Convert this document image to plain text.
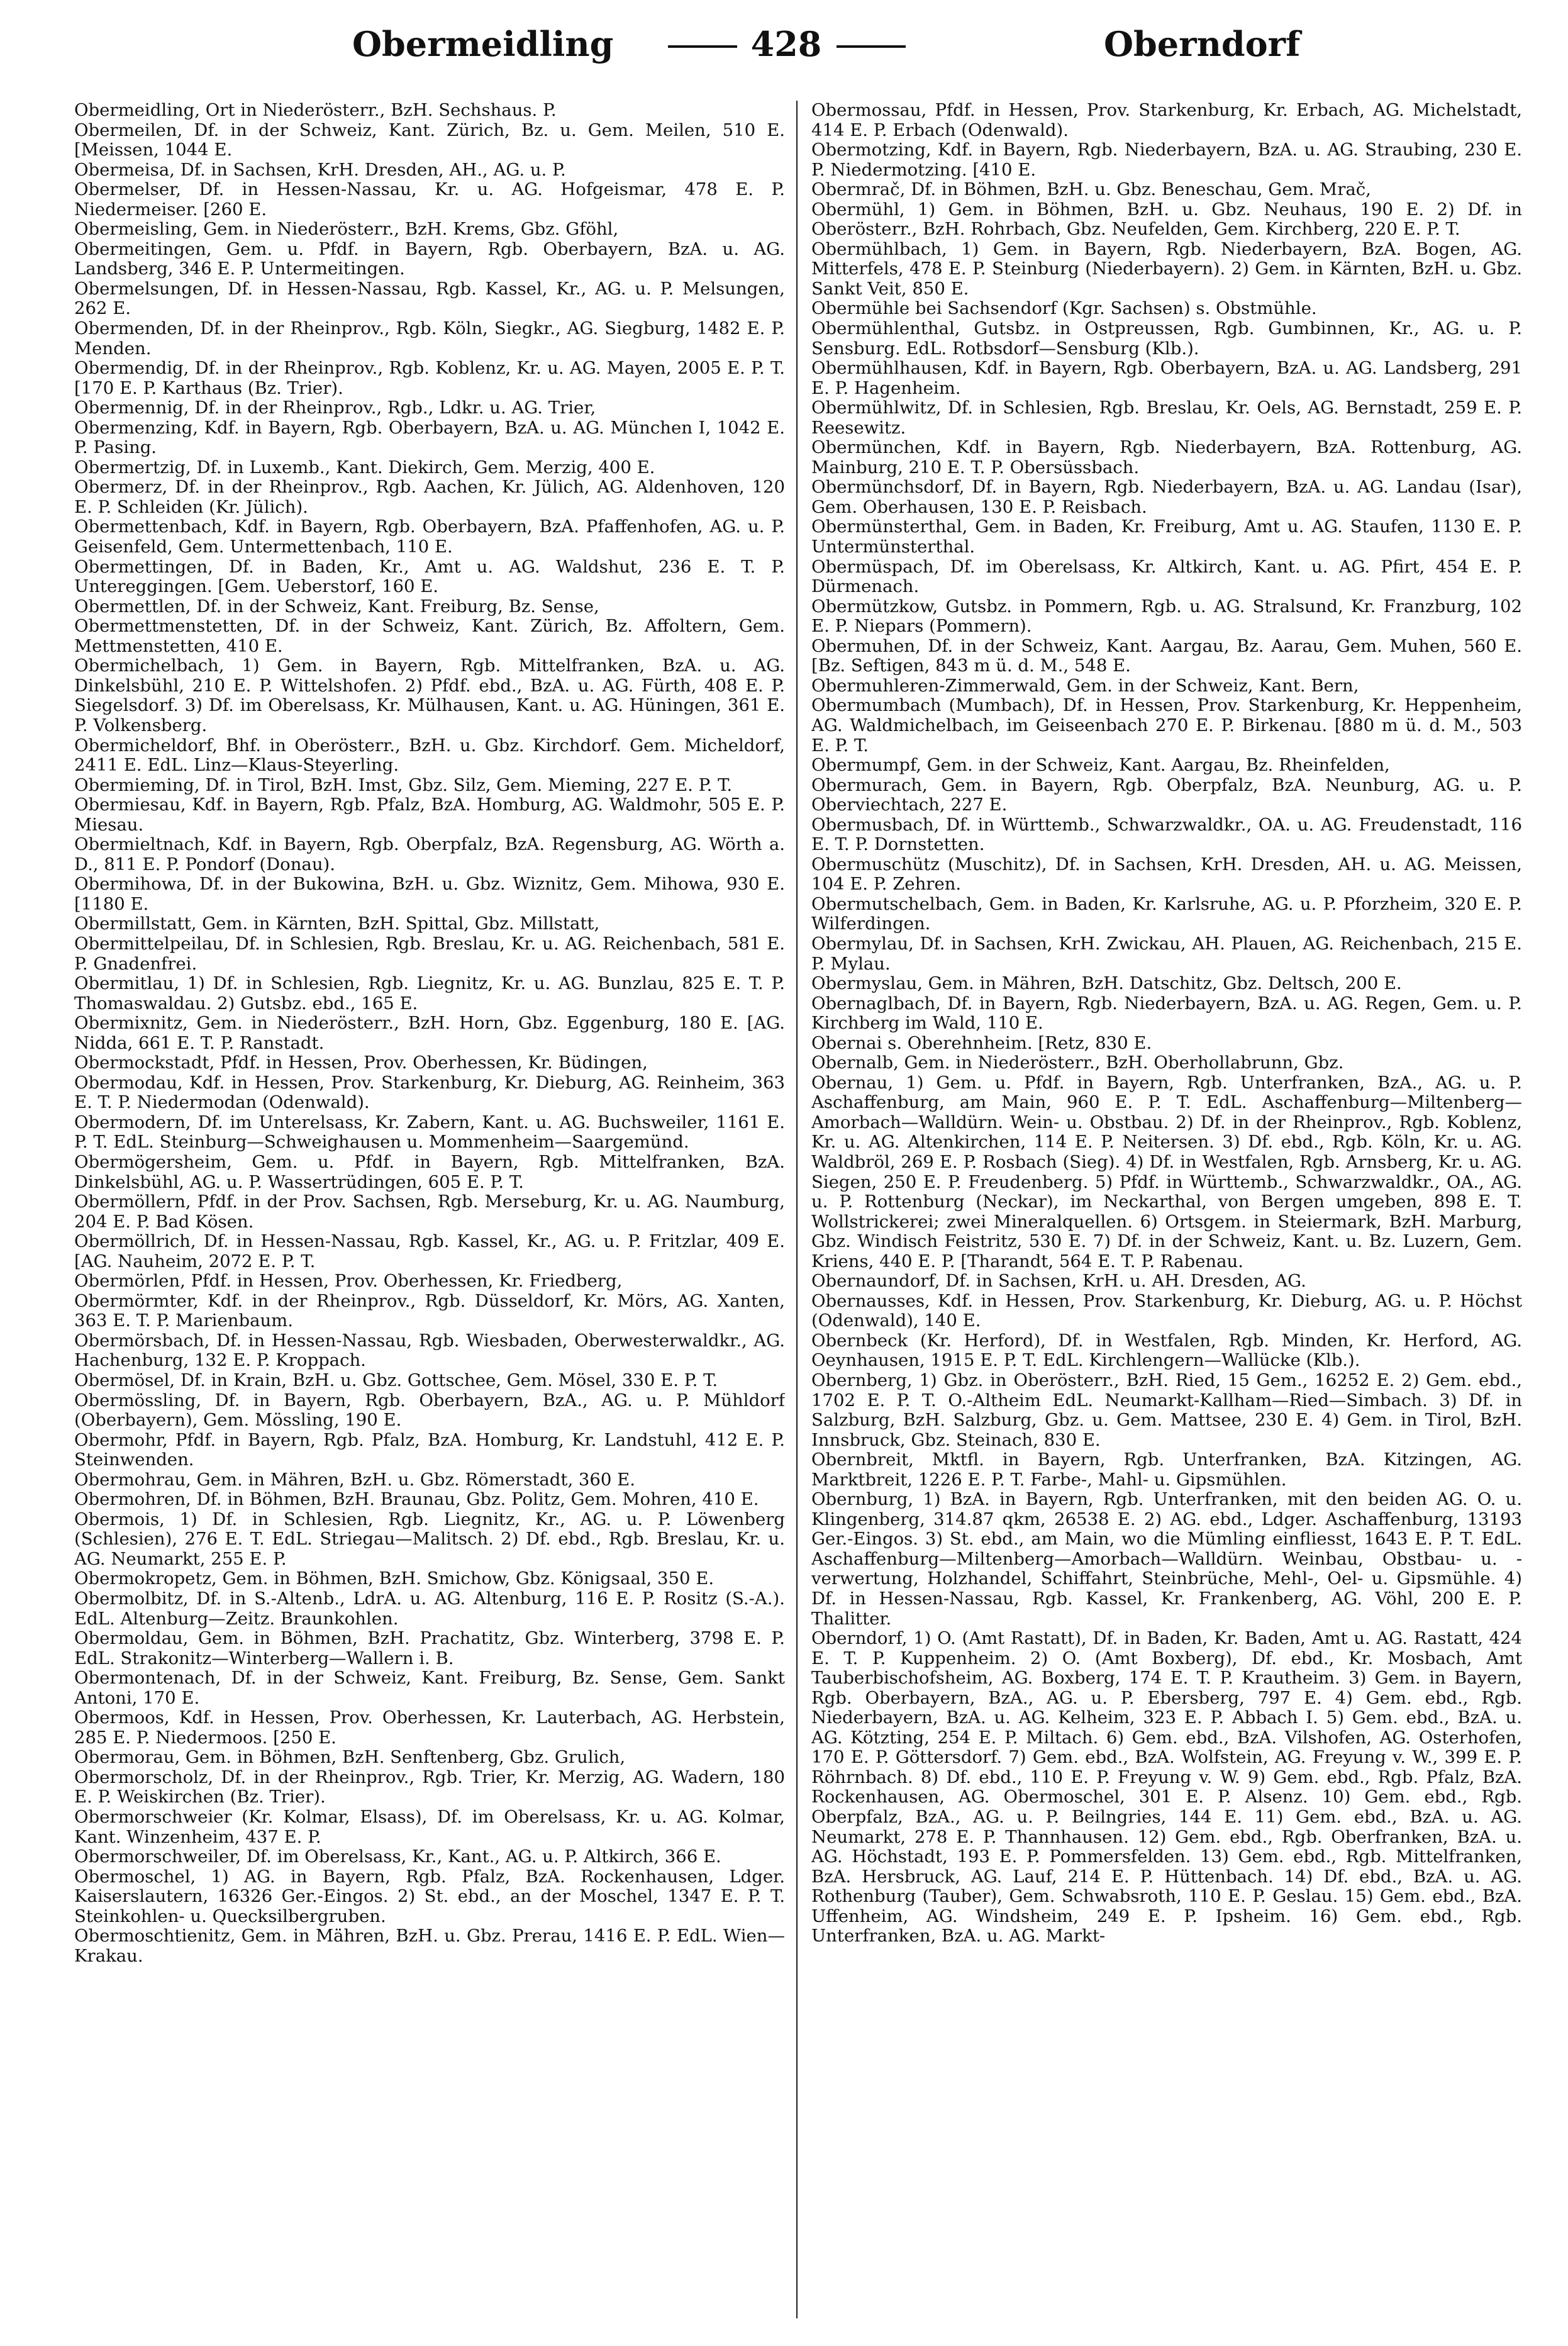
Obermeidling	428	Oberndorf

Obermeidling, Ort in Niederösterr., BzH. Sechshaus. P.

Obermeilen, Df. in der Schweiz, Kant. Zürich, Bz. u. Gem. Meilen, 510 E. [Meissen, 1044 E.

Obermeisa, Df. in Sachsen, KrH. Dresden, AH., AG. u. P.

Obermelser, Df. in Hessen-Nassau, Kr. u. AG. Hofgeismar, 478 E. P. Niedermeiser. [260 E.

Obermeisling, Gem. in Niederösterr., BzH. Krems, Gbz. Gföhl,

Obermeitingen, Gem. u. Pfdf. in Bayern, Rgb. Oberbayern, BzA. u. AG. Landsberg, 346 E. P. Untermeitingen.

Obermelsungen, Df. in Hessen-Nassau, Rgb. Kassel, Kr., AG. u. P. Melsungen, 262 E.

Obermenden, Df. in der Rheinprov., Rgb. Köln, Siegkr., AG. Siegburg, 1482 E. P. Menden.

Obermendig, Df. in der Rheinprov., Rgb. Koblenz, Kr. u. AG. Mayen, 2005 E. P. T. [170 E. P. Karthaus (Bz. Trier).

Obermennig, Df. in der Rheinprov., Rgb., Ldkr. u. AG. Trier,

Obermenzing, Kdf. in Bayern, Rgb. Oberbayern, BzA. u. AG. München I, 1042 E. P. Pasing.

Obermertzig, Df. in Luxemb., Kant. Diekirch, Gem. Merzig, 400 E.

Obermerz, Df. in der Rheinprov., Rgb. Aachen, Kr. Jülich, AG. Aldenhoven, 120 E. P. Schleiden (Kr. Jülich).

Obermettenbach, Kdf. in Bayern, Rgb. Oberbayern, BzA. Pfaffenhofen, AG. u. P. Geisenfeld, Gem. Untermettenbach, 110 E.

Obermettingen, Df. in Baden, Kr., Amt u. AG. Waldshut, 236 E. T. P. Untereggingen. [Gem. Ueberstorf, 160 E.

Obermettlen, Df. in der Schweiz, Kant. Freiburg, Bz. Sense,

Obermettmenstetten, Df. in der Schweiz, Kant. Zürich, Bz. Affoltern, Gem. Mettmenstetten, 410 E.

Obermichelbach, 1) Gem. in Bayern, Rgb. Mittelfranken, BzA. u. AG. Dinkelsbühl, 210 E. P. Wittelshofen. 2) Pfdf. ebd., BzA. u. AG. Fürth, 408 E. P. Siegelsdorf. 3) Df. im Oberelsass, Kr. Mülhausen, Kant. u. AG. Hüningen, 361 E. P. Volkensberg.

Obermicheldorf, Bhf. in Oberösterr., BzH. u. Gbz. Kirchdorf. Gem. Micheldorf, 2411 E. EdL. Linz—Klaus-Steyerling.

Obermieming, Df. in Tirol, BzH. Imst, Gbz. Silz, Gem. Mieming, 227 E. P. T.

Obermiesau, Kdf. in Bayern, Rgb. Pfalz, BzA. Homburg, AG. Waldmohr, 505 E. P. Miesau.

Obermieltnach, Kdf. in Bayern, Rgb. Oberpfalz, BzA. Regensburg, AG. Wörth a. D., 811 E. P. Pondorf (Donau).

Obermihowa, Df. in der Bukowina, BzH. u. Gbz. Wiznitz, Gem. Mihowa, 930 E. [1180 E.

Obermillstatt, Gem. in Kärnten, BzH. Spittal, Gbz. Millstatt,

Obermittelpeilau, Df. in Schlesien, Rgb. Breslau, Kr. u. AG. Reichenbach, 581 E. P. Gnadenfrei.

Obermitlau, 1) Df. in Schlesien, Rgb. Liegnitz, Kr. u. AG. Bunzlau, 825 E. T. P. Thomaswaldau. 2) Gutsbz. ebd., 165 E.

Obermixnitz, Gem. in Niederösterr., BzH. Horn, Gbz. Eggenburg, 180 E. [AG. Nidda, 661 E. T. P. Ranstadt.

Obermockstadt, Pfdf. in Hessen, Prov. Oberhessen, Kr. Büdingen,

Obermodau, Kdf. in Hessen, Prov. Starkenburg, Kr. Dieburg, AG. Reinheim, 363 E. T. P. Niedermodan (Odenwald).

Obermodern, Df. im Unterelsass, Kr. Zabern, Kant. u. AG. Buchsweiler, 1161 E. P. T. EdL. Steinburg—Schweighausen u. Mommenheim—Saargemünd.

Obermögersheim, Gem. u. Pfdf. in Bayern, Rgb. Mittelfranken, BzA. Dinkelsbühl, AG. u. P. Wassertrüdingen, 605 E. P. T.

Obermöllern, Pfdf. in der Prov. Sachsen, Rgb. Merseburg, Kr. u. AG. Naumburg, 204 E. P. Bad Kösen.

Obermöllrich, Df. in Hessen-Nassau, Rgb. Kassel, Kr., AG. u. P. Fritzlar, 409 E. [AG. Nauheim, 2072 E. P. T.

Obermörlen, Pfdf. in Hessen, Prov. Oberhessen, Kr. Friedberg,

Obermörmter, Kdf. in der Rheinprov., Rgb. Düsseldorf, Kr. Mörs, AG. Xanten, 363 E. T. P. Marienbaum.

Obermörsbach, Df. in Hessen-Nassau, Rgb. Wiesbaden, Oberwesterwaldkr., AG. Hachenburg, 132 E. P. Kroppach.

Obermösel, Df. in Krain, BzH. u. Gbz. Gottschee, Gem. Mösel, 330 E. P. T.

Obermössling, Df. in Bayern, Rgb. Oberbayern, BzA., AG. u. P. Mühldorf (Oberbayern), Gem. Mössling, 190 E.

Obermohr, Pfdf. in Bayern, Rgb. Pfalz, BzA. Homburg, Kr. Landstuhl, 412 E. P. Steinwenden.

Obermohrau, Gem. in Mähren, BzH. u. Gbz. Römerstadt, 360 E.

Obermohren, Df. in Böhmen, BzH. Braunau, Gbz. Politz, Gem. Mohren, 410 E.

Obermois, 1) Df. in Schlesien, Rgb. Liegnitz, Kr., AG. u. P. Löwenberg (Schlesien), 276 E. T. EdL. Striegau—Malitsch. 2) Df. ebd., Rgb. Breslau, Kr. u. AG. Neumarkt, 255 E. P.

Obermokropetz, Gem. in Böhmen, BzH. Smichow, Gbz. Königsaal, 350 E.

Obermolbitz, Df. in S.-Altenb., LdrA. u. AG. Altenburg, 116 E. P. Rositz (S.-A.). EdL. Altenburg—Zeitz. Braunkohlen.

Obermoldau, Gem. in Böhmen, BzH. Prachatitz, Gbz. Winterberg, 3798 E. P. EdL. Strakonitz—Winterberg—Wallern i. B.

Obermontenach, Df. in der Schweiz, Kant. Freiburg, Bz. Sense, Gem. Sankt Antoni, 170 E.

Obermoos, Kdf. in Hessen, Prov. Oberhessen, Kr. Lauterbach, AG. Herbstein, 285 E. P. Niedermoos. [250 E.

Obermorau, Gem. in Böhmen, BzH. Senftenberg, Gbz. Grulich,

Obermorscholz, Df. in der Rheinprov., Rgb. Trier, Kr. Merzig, AG. Wadern, 180 E. P. Weiskirchen (Bz. Trier).

Obermorschweier (Kr. Kolmar, Elsass), Df. im Oberelsass, Kr. u. AG. Kolmar, Kant. Winzenheim, 437 E. P.

Obermorschweiler, Df. im Oberelsass, Kr., Kant., AG. u. P. Altkirch, 366 E.

Obermoschel, 1) AG. in Bayern, Rgb. Pfalz, BzA. Rockenhausen, Ldger. Kaiserslautern, 16326 Ger.-Eingos. 2) St. ebd., an der Moschel, 1347 E. P. T. Steinkohlen- u. Quecksilbergruben.

Obermoschtienitz, Gem. in Mähren, BzH. u. Gbz. Prerau, 1416 E. P. EdL. Wien—Krakau.

Obermossau, Pfdf. in Hessen, Prov. Starkenburg, Kr. Erbach, AG. Michelstadt, 414 E. P. Erbach (Odenwald).

Obermotzing, Kdf. in Bayern, Rgb. Niederbayern, BzA. u. AG. Straubing, 230 E. P. Niedermotzing. [410 E.

Obermrač, Df. in Böhmen, BzH. u. Gbz. Beneschau, Gem. Mrač,

Obermühl, 1) Gem. in Böhmen, BzH. u. Gbz. Neuhaus, 190 E. 2) Df. in Oberösterr., BzH. Rohrbach, Gbz. Neufelden, Gem. Kirchberg, 220 E. P. T.

Obermühlbach, 1) Gem. in Bayern, Rgb. Niederbayern, BzA. Bogen, AG. Mitterfels, 478 E. P. Steinburg (Niederbayern). 2) Gem. in Kärnten, BzH. u. Gbz. Sankt Veit, 850 E.

Obermühle bei Sachsendorf (Kgr. Sachsen) s. Obstmühle.

Obermühlenthal, Gutsbz. in Ostpreussen, Rgb. Gumbinnen, Kr., AG. u. P. Sensburg. EdL. Rotbsdorf—Sensburg (Klb.).

Obermühlhausen, Kdf. in Bayern, Rgb. Oberbayern, BzA. u. AG. Landsberg, 291 E. P. Hagenheim.

Obermühlwitz, Df. in Schlesien, Rgb. Breslau, Kr. Oels, AG. Bernstadt, 259 E. P. Reesewitz.

Obermünchen, Kdf. in Bayern, Rgb. Niederbayern, BzA. Rottenburg, AG. Mainburg, 210 E. T. P. Obersüssbach.

Obermünchsdorf, Df. in Bayern, Rgb. Niederbayern, BzA. u. AG. Landau (Isar), Gem. Oberhausen, 130 E. P. Reisbach.

Obermünsterthal, Gem. in Baden, Kr. Freiburg, Amt u. AG. Staufen, 1130 E. P. Untermünsterthal.

Obermüspach, Df. im Oberelsass, Kr. Altkirch, Kant. u. AG. Pfirt, 454 E. P. Dürmenach.

Obermützkow, Gutsbz. in Pommern, Rgb. u. AG. Stralsund, Kr. Franzburg, 102 E. P. Niepars (Pommern).

Obermuhen, Df. in der Schweiz, Kant. Aargau, Bz. Aarau, Gem. Muhen, 560 E. [Bz. Seftigen, 843 m ü. d. M., 548 E.

Obermuhleren-Zimmerwald, Gem. in der Schweiz, Kant. Bern,

Obermumbach (Mumbach), Df. in Hessen, Prov. Starkenburg, Kr. Heppenheim, AG. Waldmichelbach, im Geiseenbach 270 E. P. Birkenau. [880 m ü. d. M., 503 E. P. T.

Obermumpf, Gem. in der Schweiz, Kant. Aargau, Bz. Rheinfelden,

Obermurach, Gem. in Bayern, Rgb. Oberpfalz, BzA. Neunburg, AG. u. P. Oberviechtach, 227 E.

Obermusbach, Df. in Württemb., Schwarzwaldkr., OA. u. AG. Freudenstadt, 116 E. T. P. Dornstetten.

Obermuschütz (Muschitz), Df. in Sachsen, KrH. Dresden, AH. u. AG. Meissen, 104 E. P. Zehren.

Obermutschelbach, Gem. in Baden, Kr. Karlsruhe, AG. u. P. Pforzheim, 320 E. P. Wilferdingen.

Obermylau, Df. in Sachsen, KrH. Zwickau, AH. Plauen, AG. Reichenbach, 215 E. P. Mylau.

Obermyslau, Gem. in Mähren, BzH. Datschitz, Gbz. Deltsch, 200 E.

Obernaglbach, Df. in Bayern, Rgb. Niederbayern, BzA. u. AG. Regen, Gem. u. P. Kirchberg im Wald, 110 E.

Obernai s. Oberehnheim. [Retz, 830 E.

Obernalb, Gem. in Niederösterr., BzH. Oberhollabrunn, Gbz.

Obernau, 1) Gem. u. Pfdf. in Bayern, Rgb. Unterfranken, BzA., AG. u. P. Aschaffenburg, am Main, 960 E. P. T. EdL. Aschaffenburg—Miltenberg—Amorbach—Walldürn. Wein- u. Obstbau. 2) Df. in der Rheinprov., Rgb. Koblenz, Kr. u. AG. Altenkirchen, 114 E. P. Neitersen. 3) Df. ebd., Rgb. Köln, Kr. u. AG. Waldbröl, 269 E. P. Rosbach (Sieg). 4) Df. in Westfalen, Rgb. Arnsberg, Kr. u. AG. Siegen, 250 E. P. Freudenberg. 5) Pfdf. in Württemb., Schwarzwaldkr., OA., AG. u. P. Rottenburg (Neckar), im Neckarthal, von Bergen umgeben, 898 E. T. Wollstrickerei; zwei Mineralquellen. 6) Ortsgem. in Steiermark, BzH. Marburg, Gbz. Windisch Feistritz, 530 E. 7) Df. in der Schweiz, Kant. u. Bz. Luzern, Gem. Kriens, 440 E. P. [Tharandt, 564 E. T. P. Rabenau.

Obernaundorf, Df. in Sachsen, KrH. u. AH. Dresden, AG.

Obernausses, Kdf. in Hessen, Prov. Starkenburg, Kr. Dieburg, AG. u. P. Höchst (Odenwald), 140 E.

Obernbeck (Kr. Herford), Df. in Westfalen, Rgb. Minden, Kr. Herford, AG. Oeynhausen, 1915 E. P. T. EdL. Kirchlengern—Wallücke (Klb.).

Obernberg, 1) Gbz. in Oberösterr., BzH. Ried, 15 Gem., 16252 E. 2) Gem. ebd., 1702 E. P. T. O.-Altheim EdL. Neumarkt-Kallham—Ried—Simbach. 3) Df. in Salzburg, BzH. Salzburg, Gbz. u. Gem. Mattsee, 230 E. 4) Gem. in Tirol, BzH. Innsbruck, Gbz. Steinach, 830 E.

Obernbreit, Mktfl. in Bayern, Rgb. Unterfranken, BzA. Kitzingen, AG. Marktbreit, 1226 E. P. T. Farbe-, Mahl- u. Gipsmühlen.

Obernburg, 1) BzA. in Bayern, Rgb. Unterfranken, mit den beiden AG. O. u. Klingenberg, 314.87 qkm, 26538 E. 2) AG. ebd., Ldger. Aschaffenburg, 13193 Ger.-Eingos. 3) St. ebd., am Main, wo die Mümling einfliesst, 1643 E. P. T. EdL. Aschaffenburg—Miltenberg—Amorbach—Walldürn. Weinbau, Obstbau- u. -verwertung, Holzhandel, Schiffahrt, Steinbrüche, Mehl-, Oel- u. Gipsmühle. 4) Df. in Hessen-Nassau, Rgb. Kassel, Kr. Frankenberg, AG. Vöhl, 200 E. P. Thalitter.

Oberndorf, 1) O. (Amt Rastatt), Df. in Baden, Kr. Baden, Amt u. AG. Rastatt, 424 E. T. P. Kuppenheim. 2) O. (Amt Boxberg), Df. ebd., Kr. Mosbach, Amt Tauberbischofsheim, AG. Boxberg, 174 E. T. P. Krautheim. 3) Gem. in Bayern, Rgb. Oberbayern, BzA., AG. u. P. Ebersberg, 797 E. 4) Gem. ebd., Rgb. Niederbayern, BzA. u. AG. Kelheim, 323 E. P. Abbach I. 5) Gem. ebd., BzA. u. AG. Kötzting, 254 E. P. Miltach. 6) Gem. ebd., BzA. Vilshofen, AG. Osterhofen, 170 E. P. Göttersdorf. 7) Gem. ebd., BzA. Wolfstein, AG. Freyung v. W., 399 E. P. Röhrnbach. 8) Df. ebd., 110 E. P. Freyung v. W. 9) Gem. ebd., Rgb. Pfalz, BzA. Rockenhausen, AG. Obermoschel, 301 E. P. Alsenz. 10) Gem. ebd., Rgb. Oberpfalz, BzA., AG. u. P. Beilngries, 144 E. 11) Gem. ebd., BzA. u. AG. Neumarkt, 278 E. P. Thannhausen. 12) Gem. ebd., Rgb. Oberfranken, BzA. u. AG. Höchstadt, 193 E. P. Pommersfelden. 13) Gem. ebd., Rgb. Mittelfranken, BzA. Hersbruck, AG. Lauf, 214 E. P. Hüttenbach. 14) Df. ebd., BzA. u. AG. Rothenburg (Tauber), Gem. Schwabsroth, 110 E. P. Geslau. 15) Gem. ebd., BzA. Uffenheim, AG. Windsheim, 249 E. P. Ipsheim. 16) Gem. ebd., Rgb. Unterfranken, BzA. u. AG. Markt-
